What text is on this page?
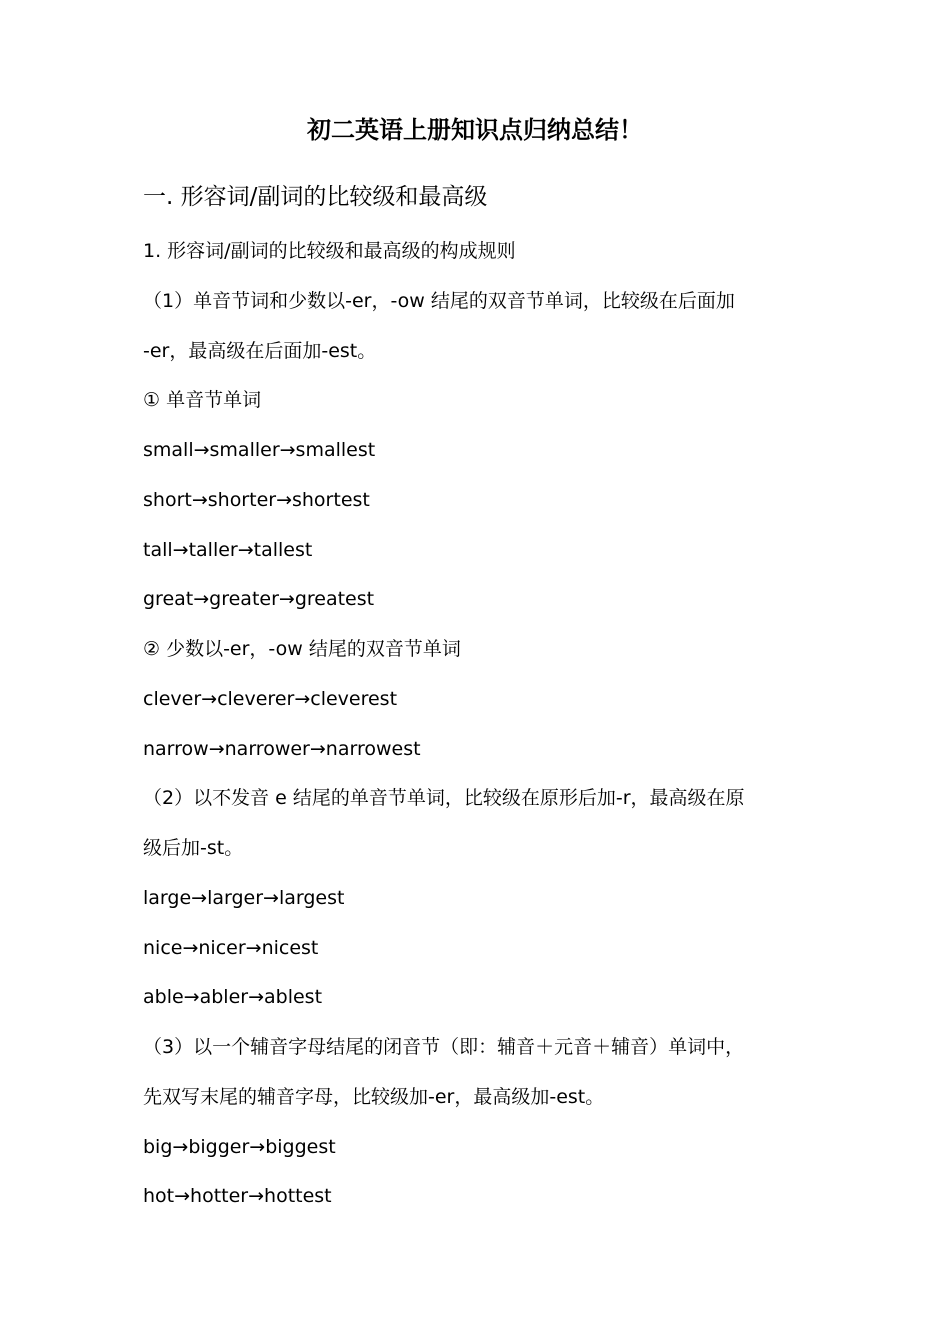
初二英语上册知识点归纳总结！
一. 形容词/副词的比较级和最高级
1. 形容词/副词的比较级和最高级的构成规则
（1）单音节词和少数以-er，-ow 结尾的双音节单词，比较级在后面加
-er，最高级在后面加-est。
① 单音节单词
small→smaller→smallest
short→shorter→shortest
tall→taller→tallest
great→greater→greatest
② 少数以-er，-ow 结尾的双音节单词
clever→cleverer→cleverest
narrow→narrower→narrowest
（2）以不发音 e 结尾的单音节单词，比较级在原形后加-r，最高级在原
级后加-st。
large→larger→largest
nice→nicer→nicest
able→abler→ablest
（3）以一个辅音字母结尾的闭音节（即：辅音＋元音＋辅音）单词中，
先双写末尾的辅音字母，比较级加-er，最高级加-est。
big→bigger→biggest
hot→hotter→hottest
